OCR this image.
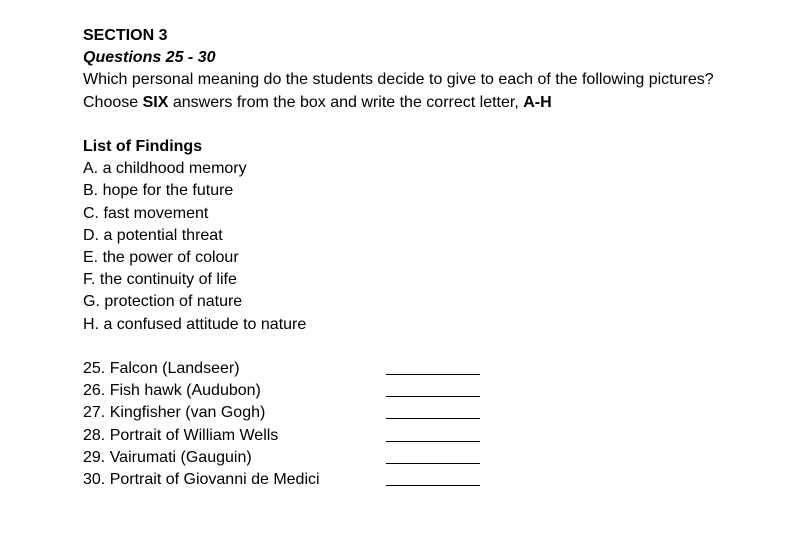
SECTION 3
Questions 25 - 30
Which personal meaning do the students decide to give to each of the following pictures?
Choose SIX answers from the box and write the correct letter, A-H
List of Findings
A. a childhood memory
B. hope for the future
C. fast movement
D. a potential threat
E. the power of colour
F. the continuity of life
G. protection of nature
H. a confused attitude to nature
25. Falcon (Landseer)
26. Fish hawk (Audubon)
27. Kingfisher (van Gogh)
28. Portrait of William Wells
29. Vairumati (Gauguin)
30. Portrait of Giovanni de Medici
